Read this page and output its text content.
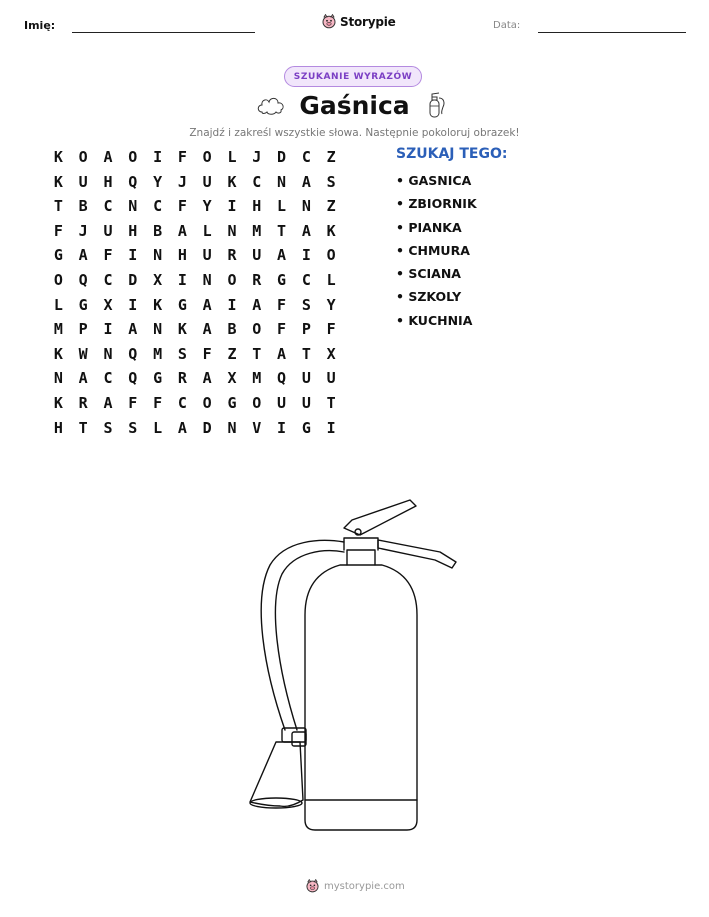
Imię:	Storypie	Data:
SZUKANIE WYRAZÓW
Gaśnica
Znajdź i zakreśl wszystkie słowa. Następnie pokoloruj obrazek!
K	O	A	O	I	F	O	L	J	D	C	Z
K	U	H	Q	Y	J	U	K	C	N	A	S
T	B	C	N	C	F	Y	I	H	L	N	Z
F	J	U	H	B	A	L	N	M	T	A	K
G	A	F	I	N	H	U	R	U	A	I	O
O	Q	C	D	X	I	N	O	R	G	C	L
L	G	X	I	K	G	A	I	A	F	S	Y
M	P	I	A	N	K	A	B	O	F	P	F
K	W	N	Q	M	S	F	Z	T	A	T	X
N	A	C	Q	G	R	A	X	M	Q	U	U
K	R	A	F	F	C	O	G	O	U	U	T
H	T	S	S	L	A	D	N	V	I	G	I
SZUKAJ TEGO:
• GASNICA
• ZBIORNIK
• PIANKA
• CHMURA
• SCIANA
• SZKOLY
• KUCHNIA
mystorypie.com
